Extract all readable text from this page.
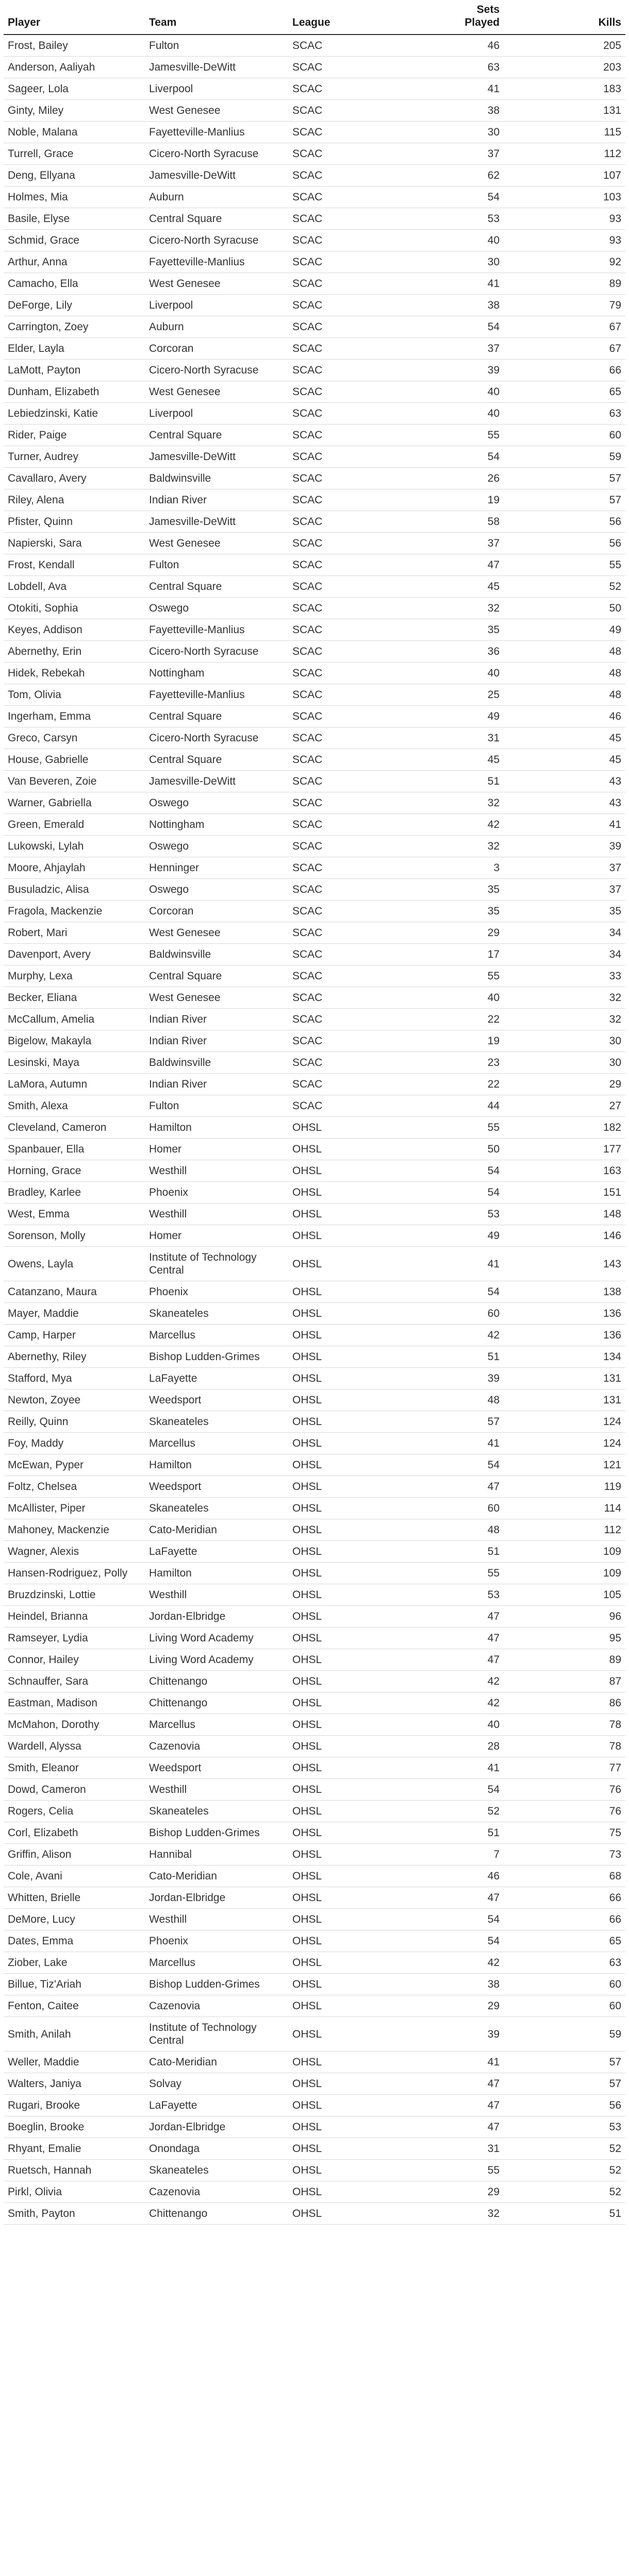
Player	Team	League	Sets Played	Kills
Frost, Bailey	Fulton	SCAC	46	205
Anderson, Aaliyah	Jamesville-DeWitt	SCAC	63	203
Sageer, Lola	Liverpool	SCAC	41	183
Ginty, Miley	West Genesee	SCAC	38	131
Noble, Malana	Fayetteville-Manlius	SCAC	30	115
Turrell, Grace	Cicero-North Syracuse	SCAC	37	112
Deng, Ellyana	Jamesville-DeWitt	SCAC	62	107
Holmes, Mia	Auburn	SCAC	54	103
Basile, Elyse	Central Square	SCAC	53	93
Schmid, Grace	Cicero-North Syracuse	SCAC	40	93
Arthur, Anna	Fayetteville-Manlius	SCAC	30	92
Camacho, Ella	West Genesee	SCAC	41	89
DeForge, Lily	Liverpool	SCAC	38	79
Carrington, Zoey	Auburn	SCAC	54	67
Elder, Layla	Corcoran	SCAC	37	67
LaMott, Payton	Cicero-North Syracuse	SCAC	39	66
Dunham, Elizabeth	West Genesee	SCAC	40	65
Lebiedzinski, Katie	Liverpool	SCAC	40	63
Rider, Paige	Central Square	SCAC	55	60
Turner, Audrey	Jamesville-DeWitt	SCAC	54	59
Cavallaro, Avery	Baldwinsville	SCAC	26	57
Riley, Alena	Indian River	SCAC	19	57
Pfister, Quinn	Jamesville-DeWitt	SCAC	58	56
Napierski, Sara	West Genesee	SCAC	37	56
Frost, Kendall	Fulton	SCAC	47	55
Lobdell, Ava	Central Square	SCAC	45	52
Otokiti, Sophia	Oswego	SCAC	32	50
Keyes, Addison	Fayetteville-Manlius	SCAC	35	49
Abernethy, Erin	Cicero-North Syracuse	SCAC	36	48
Hidek, Rebekah	Nottingham	SCAC	40	48
Tom, Olivia	Fayetteville-Manlius	SCAC	25	48
Ingerham, Emma	Central Square	SCAC	49	46
Greco, Carsyn	Cicero-North Syracuse	SCAC	31	45
House, Gabrielle	Central Square	SCAC	45	45
Van Beveren, Zoie	Jamesville-DeWitt	SCAC	51	43
Warner, Gabriella	Oswego	SCAC	32	43
Green, Emerald	Nottingham	SCAC	42	41
Lukowski, Lylah	Oswego	SCAC	32	39
Moore, Ahjaylah	Henninger	SCAC	3	37
Busuladzic, Alisa	Oswego	SCAC	35	37
Fragola, Mackenzie	Corcoran	SCAC	35	35
Robert, Mari	West Genesee	SCAC	29	34
Davenport, Avery	Baldwinsville	SCAC	17	34
Murphy, Lexa	Central Square	SCAC	55	33
Becker, Eliana	West Genesee	SCAC	40	32
McCallum, Amelia	Indian River	SCAC	22	32
Bigelow, Makayla	Indian River	SCAC	19	30
Lesinski, Maya	Baldwinsville	SCAC	23	30
LaMora, Autumn	Indian River	SCAC	22	29
Smith, Alexa	Fulton	SCAC	44	27
Cleveland, Cameron	Hamilton	OHSL	55	182
Spanbauer, Ella	Homer	OHSL	50	177
Horning, Grace	Westhill	OHSL	54	163
Bradley, Karlee	Phoenix	OHSL	54	151
West, Emma	Westhill	OHSL	53	148
Sorenson, Molly	Homer	OHSL	49	146
Owens, Layla	Institute of Technology Central	OHSL	41	143
Catanzano, Maura	Phoenix	OHSL	54	138
Mayer, Maddie	Skaneateles	OHSL	60	136
Camp, Harper	Marcellus	OHSL	42	136
Abernethy, Riley	Bishop Ludden-Grimes	OHSL	51	134
Stafford, Mya	LaFayette	OHSL	39	131
Newton, Zoyee	Weedsport	OHSL	48	131
Reilly, Quinn	Skaneateles	OHSL	57	124
Foy, Maddy	Marcellus	OHSL	41	124
McEwan, Pyper	Hamilton	OHSL	54	121
Foltz, Chelsea	Weedsport	OHSL	47	119
McAllister, Piper	Skaneateles	OHSL	60	114
Mahoney, Mackenzie	Cato-Meridian	OHSL	48	112
Wagner, Alexis	LaFayette	OHSL	51	109
Hansen-Rodriguez, Polly	Hamilton	OHSL	55	109
Bruzdzinski, Lottie	Westhill	OHSL	53	105
Heindel, Brianna	Jordan-Elbridge	OHSL	47	96
Ramseyer, Lydia	Living Word Academy	OHSL	47	95
Connor, Hailey	Living Word Academy	OHSL	47	89
Schnauffer, Sara	Chittenango	OHSL	42	87
Eastman, Madison	Chittenango	OHSL	42	86
McMahon, Dorothy	Marcellus	OHSL	40	78
Wardell, Alyssa	Cazenovia	OHSL	28	78
Smith, Eleanor	Weedsport	OHSL	41	77
Dowd, Cameron	Westhill	OHSL	54	76
Rogers, Celia	Skaneateles	OHSL	52	76
Corl, Elizabeth	Bishop Ludden-Grimes	OHSL	51	75
Griffin, Alison	Hannibal	OHSL	7	73
Cole, Avani	Cato-Meridian	OHSL	46	68
Whitten, Brielle	Jordan-Elbridge	OHSL	47	66
DeMore, Lucy	Westhill	OHSL	54	66
Dates, Emma	Phoenix	OHSL	54	65
Ziober, Lake	Marcellus	OHSL	42	63
Billue, Tiz'Ariah	Bishop Ludden-Grimes	OHSL	38	60
Fenton, Caitee	Cazenovia	OHSL	29	60
Smith, Anilah	Institute of Technology Central	OHSL	39	59
Weller, Maddie	Cato-Meridian	OHSL	41	57
Walters, Janiya	Solvay	OHSL	47	57
Rugari, Brooke	LaFayette	OHSL	47	56
Boeglin, Brooke	Jordan-Elbridge	OHSL	47	53
Rhyant, Emalie	Onondaga	OHSL	31	52
Ruetsch, Hannah	Skaneateles	OHSL	55	52
Pirkl, Olivia	Cazenovia	OHSL	29	52
Smith, Payton	Chittenango	OHSL	32	51
